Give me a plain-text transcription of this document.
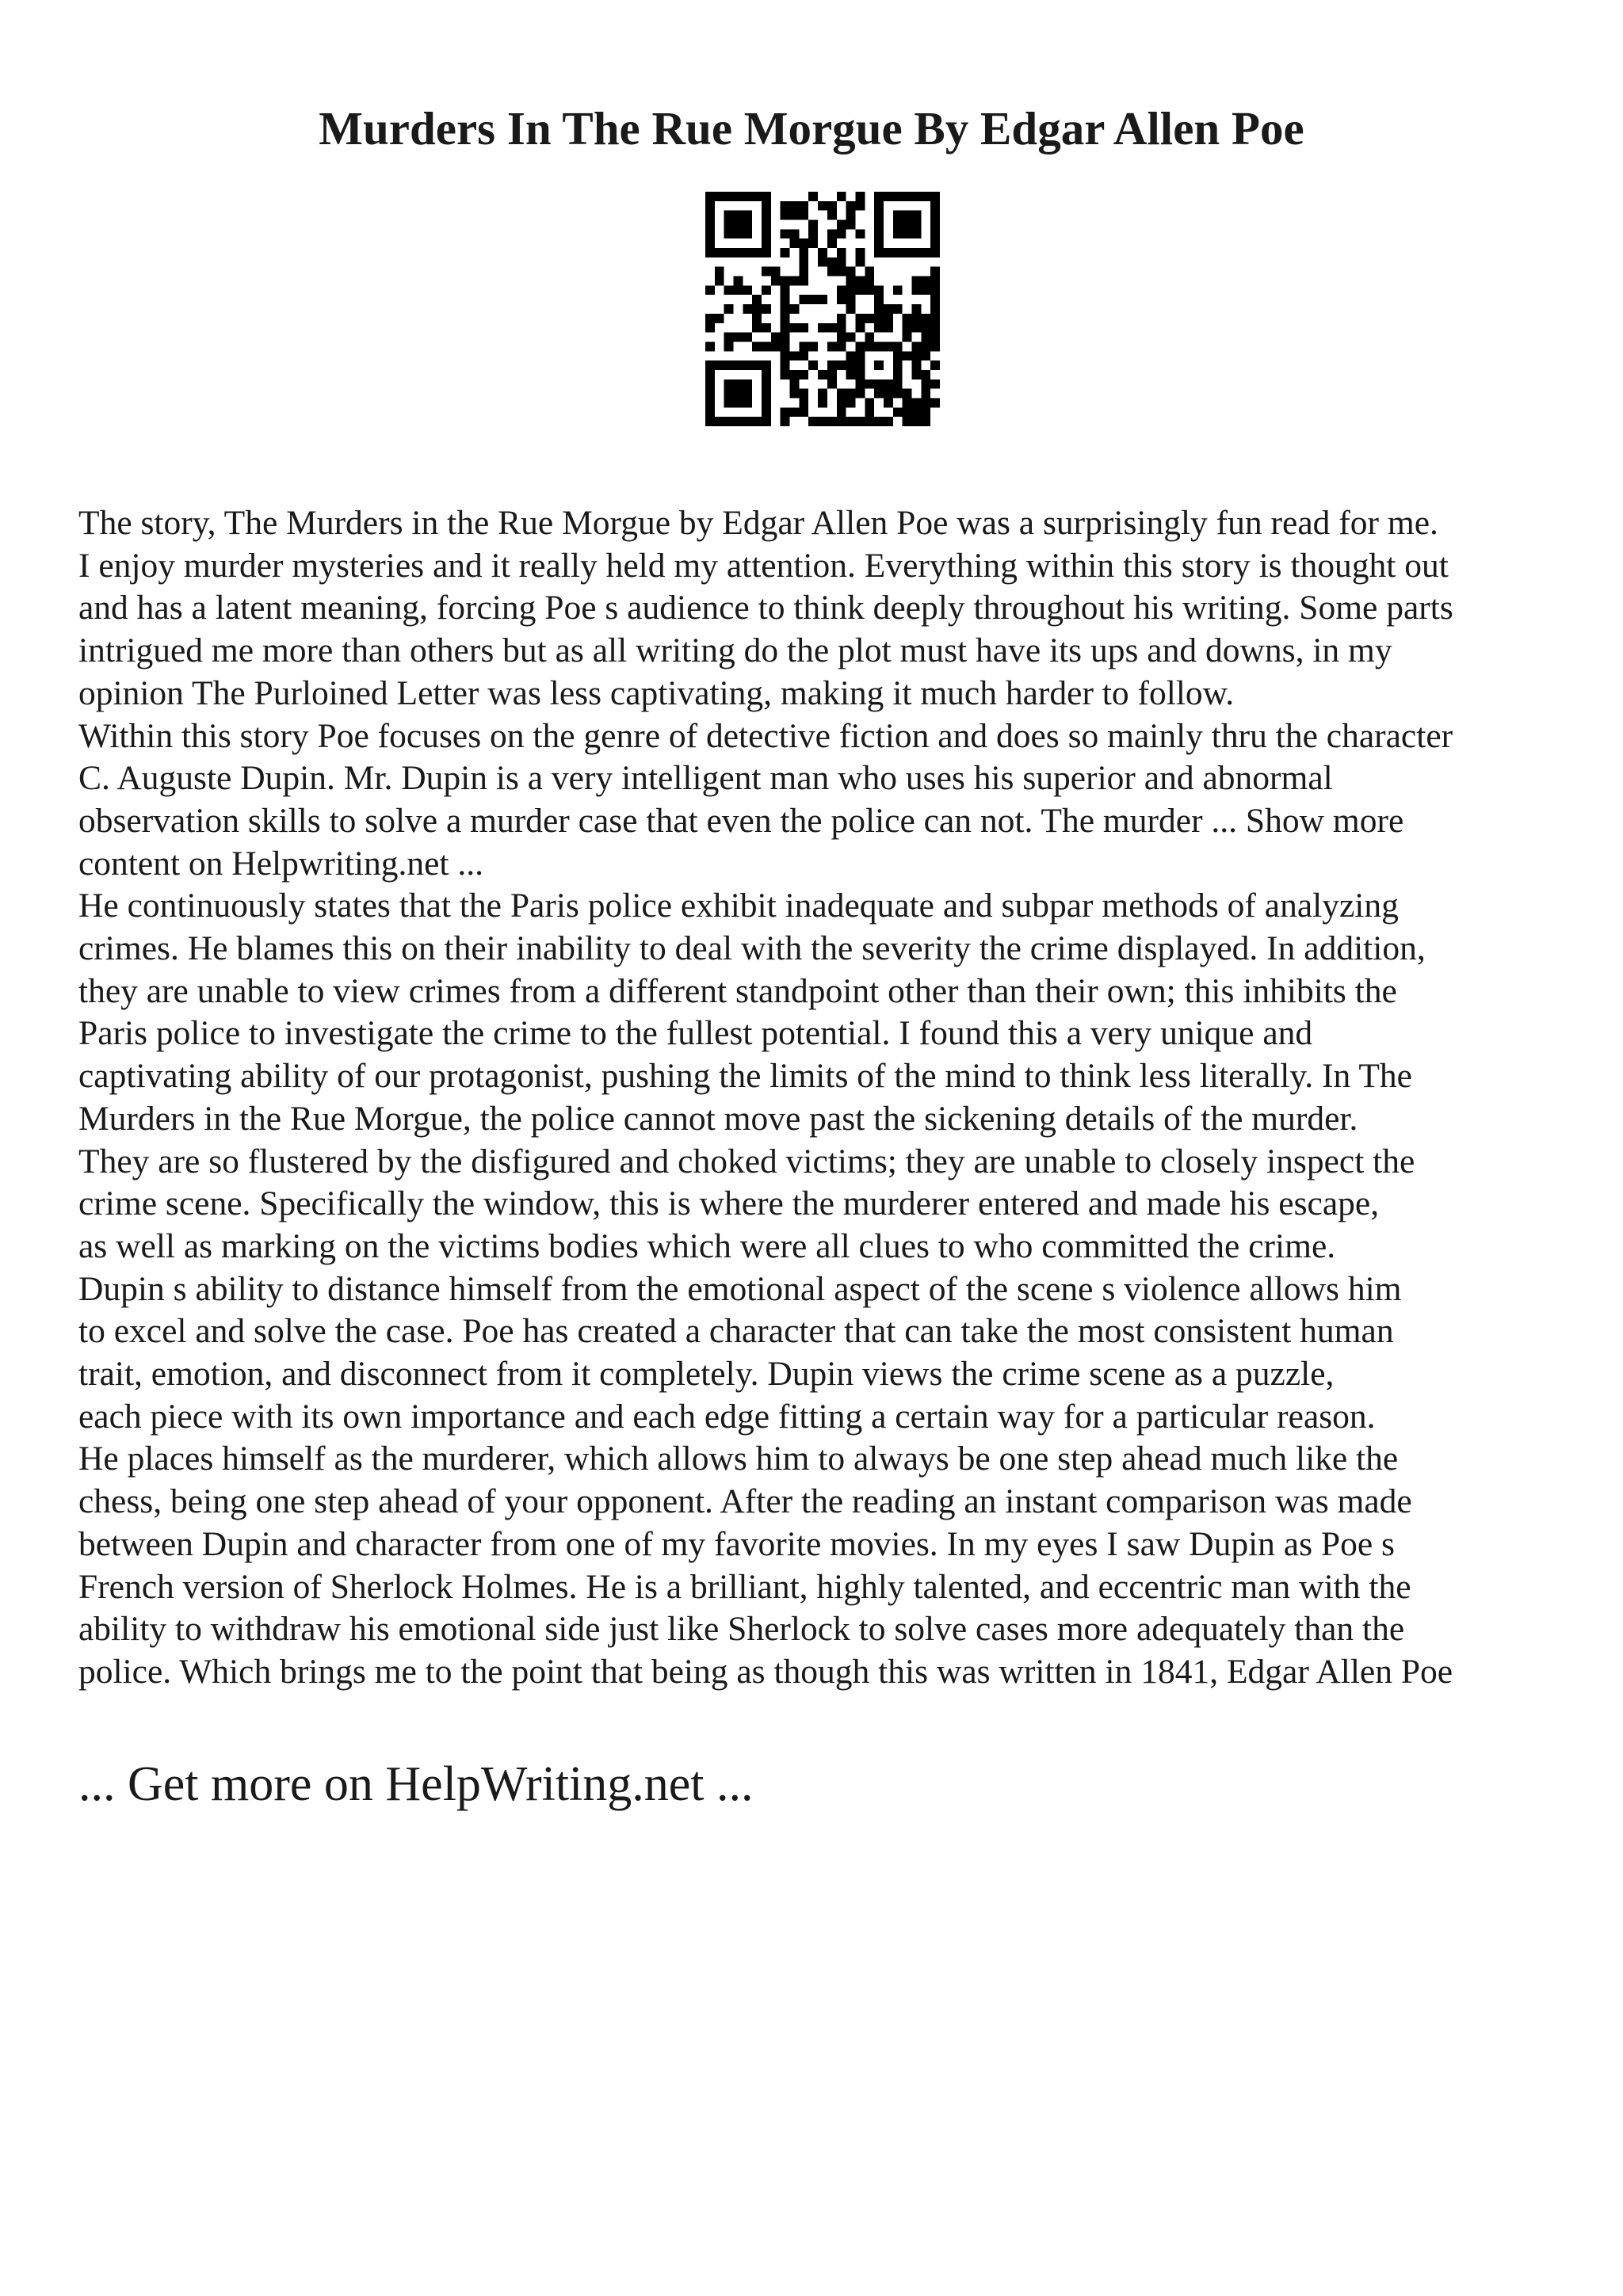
Murders In The Rue Morgue By Edgar Allen Poe
The story, The Murders in the Rue Morgue by Edgar Allen Poe was a surprisingly fun read for me.
I enjoy murder mysteries and it really held my attention. Everything within this story is thought out
and has a latent meaning, forcing Poe s audience to think deeply throughout his writing. Some parts
intrigued me more than others but as all writing do the plot must have its ups and downs, in my
opinion The Purloined Letter was less captivating, making it much harder to follow.
Within this story Poe focuses on the genre of detective fiction and does so mainly thru the character
C. Auguste Dupin. Mr. Dupin is a very intelligent man who uses his superior and abnormal
observation skills to solve a murder case that even the police can not. The murder ... Show more
content on Helpwriting.net ...
He continuously states that the Paris police exhibit inadequate and subpar methods of analyzing
crimes. He blames this on their inability to deal with the severity the crime displayed. In addition,
they are unable to view crimes from a different standpoint other than their own; this inhibits the
Paris police to investigate the crime to the fullest potential. I found this a very unique and
captivating ability of our protagonist, pushing the limits of the mind to think less literally. In The
Murders in the Rue Morgue, the police cannot move past the sickening details of the murder.
They are so flustered by the disfigured and choked victims; they are unable to closely inspect the
crime scene. Specifically the window, this is where the murderer entered and made his escape,
as well as marking on the victims bodies which were all clues to who committed the crime.
Dupin s ability to distance himself from the emotional aspect of the scene s violence allows him
to excel and solve the case. Poe has created a character that can take the most consistent human
trait, emotion, and disconnect from it completely. Dupin views the crime scene as a puzzle,
each piece with its own importance and each edge fitting a certain way for a particular reason.
He places himself as the murderer, which allows him to always be one step ahead much like the
chess, being one step ahead of your opponent. After the reading an instant comparison was made
between Dupin and character from one of my favorite movies. In my eyes I saw Dupin as Poe s
French version of Sherlock Holmes. He is a brilliant, highly talented, and eccentric man with the
ability to withdraw his emotional side just like Sherlock to solve cases more adequately than the
police. Which brings me to the point that being as though this was written in 1841, Edgar Allen Poe
... Get more on HelpWriting.net ...
